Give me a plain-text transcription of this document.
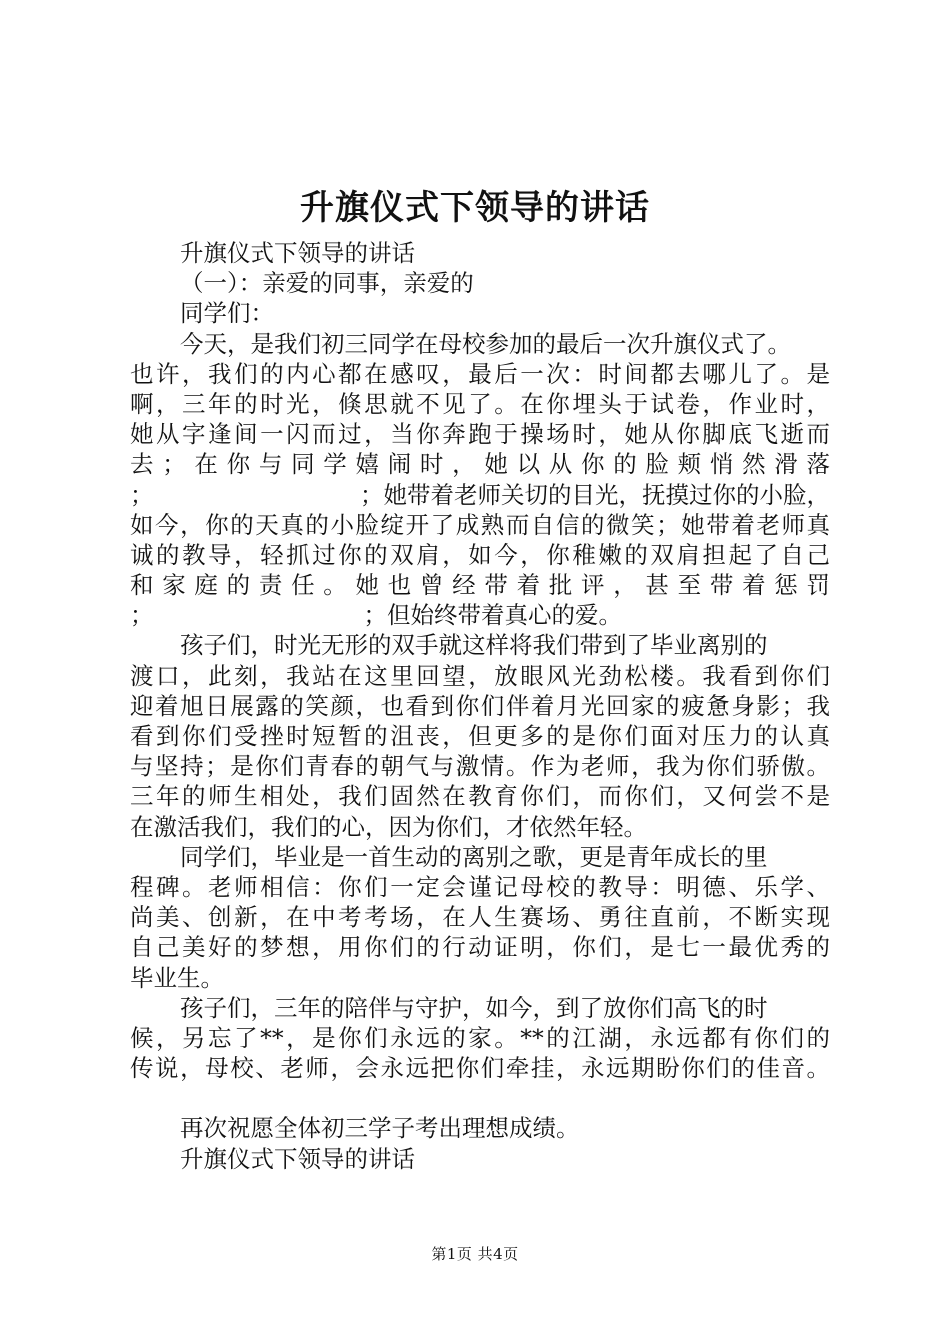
升旗仪式下领导的讲话
升旗仪式下领导的讲话
（一）：亲爱的同事，亲爱的
同学们：
今天，是我们初三同学在母校参加的最后一次升旗仪式了。
也许，我们的内心都在感叹，最后一次：时间都去哪儿了。是
啊，三年的时光，倏思就不见了。在你埋头于试卷，作业时，
她从字逢间一闪而过，当你奔跑于操场时，她从你脚底飞逝而
去；在你与同学嬉闹时，她以从你的脸颊悄然滑落
；	；她带着老师关切的目光，抚摸过你的小脸，
如今，你的天真的小脸绽开了成熟而自信的微笑；她带着老师真
诚的教导，轻抓过你的双肩，如今，你稚嫩的双肩担起了自己
和家庭的责任。她也曾经带着批评，甚至带着惩罚
；	；但始终带着真心的爱。
孩子们，时光无形的双手就这样将我们带到了毕业离别的
渡口，此刻，我站在这里回望，放眼风光劲松楼。我看到你们
迎着旭日展露的笑颜，也看到你们伴着月光回家的疲惫身影；我
看到你们受挫时短暂的沮丧，但更多的是你们面对压力的认真
与坚持；是你们青春的朝气与激情。作为老师，我为你们骄傲。
三年的师生相处，我们固然在教育你们，而你们，又何尝不是
在激活我们，我们的心，因为你们，才依然年轻。
同学们，毕业是一首生动的离别之歌，更是青年成长的里
程碑。老师相信：你们一定会谨记母校的教导：明德、乐学、
尚美、创新，在中考考场，在人生赛场、勇往直前，不断实现
自己美好的梦想，用你们的行动证明，你们，是七一最优秀的
毕业生。
孩子们，三年的陪伴与守护，如今，到了放你们高飞的时
候，另忘了**，是你们永远的家。**的江湖，永远都有你们的
传说，母校、老师，会永远把你们牵挂，永远期盼你们的佳音。
再次祝愿全体初三学子考出理想成绩。
升旗仪式下领导的讲话
第1页 共4页
